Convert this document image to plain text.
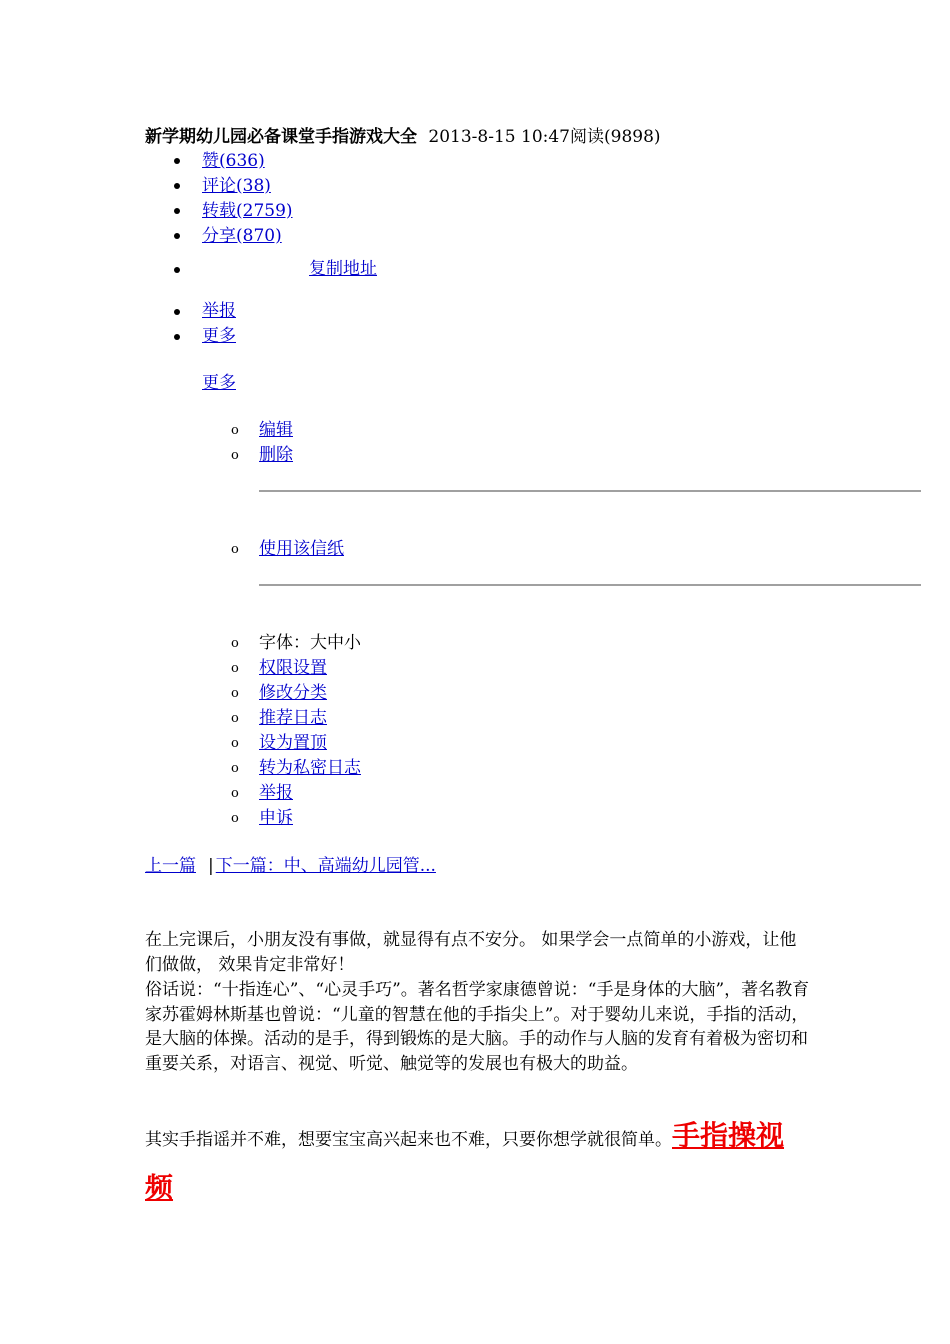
新学期幼儿园必备课堂手指游戏大全 2013-8-15 10:47阅读(9898)
赞(636)
评论(38)
转载(2759)
分享(870)
复制地址
举报
更多
更多
o 编辑
o 删除
o 使用该信纸
o 字体：大中小
o 权限设置
o 修改分类
o 推荐日志
o 设为置顶
o 转为私密日志
o 举报
o 申诉
上一篇 | 下一篇：中、高端幼儿园管...
在上完课后，小朋友没有事做，就显得有点不安分。 如果学会一点简单的小游戏，让他们做做， 效果肯定非常好！
俗话说：“十指连心”、“心灵手巧”。著名哲学家康德曾说：“手是身体的大脑”，著名教育家苏霍姆林斯基也曾说：“儿童的智慧在他的手指尖上”。对于婴幼儿来说，手指的活动，是大脑的体操。活动的是手，得到锻炼的是大脑。手的动作与人脑的发育有着极为密切和重要关系，对语言、视觉、听觉、触觉等的发展也有极大的助益。
其实手指谣并不难，想要宝宝高兴起来也不难，只要你想学就很简单。手指操视频
